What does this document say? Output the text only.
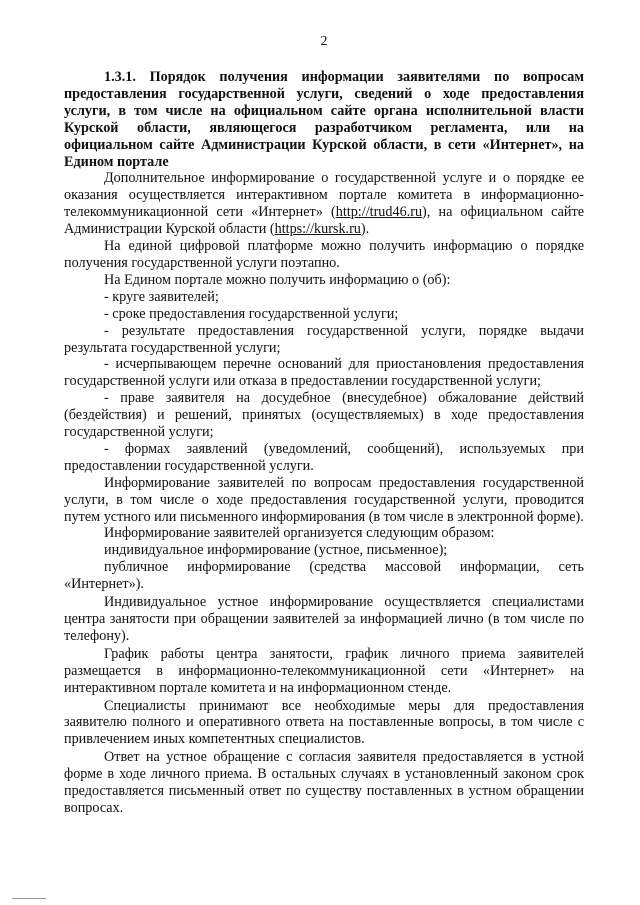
2

1.3.1. Порядок получения информации заявителями по вопросам предоставления государственной услуги, сведений о ходе предоставления услуги, в том числе на официальном сайте органа исполнительной власти Курской области, являющегося разработчиком регламента, или на официальном сайте Администрации Курской области, в сети «Интернет», на Едином портале

Дополнительное информирование о государственной услуге и о порядке ее оказания осуществляется интерактивном портале комитета в информационно-телекоммуникационной сети «Интернет» (http://trud46.ru), на официальном сайте Администрации Курской области (https://kursk.ru).

На единой цифровой платформе можно получить информацию о порядке получения государственной услуги поэтапно.

На Едином портале можно получить информацию о (об):

- круге заявителей;

- сроке предоставления государственной услуги;

- результате предоставления государственной услуги, порядке выдачи результата государственной услуги;

- исчерпывающем перечне оснований для приостановления предоставления государственной услуги или отказа в предоставлении государственной услуги;

- праве заявителя на досудебное (внесудебное) обжалование действий (бездействия) и решений, принятых (осуществляемых) в ходе предоставления государственной услуги;

- формах заявлений (уведомлений, сообщений), используемых при предоставлении государственной услуги.

Информирование заявителей по вопросам предоставления государственной услуги, в том числе о ходе предоставления государственной услуги, проводится путем устного или письменного информирования (в том числе в электронной форме).

Информирование заявителей организуется следующим образом:

индивидуальное информирование (устное, письменное);

публичное информирование (средства массовой информации, сеть «Интернет»).

Индивидуальное устное информирование осуществляется специалистами центра занятости при обращении заявителей за информацией лично (в том числе по телефону).

График работы центра занятости, график личного приема заявителей размещается в информационно-телекоммуникационной сети «Интернет» на интерактивном портале комитета и на информационном стенде.

Специалисты принимают все необходимые меры для предоставления заявителю полного и оперативного ответа на поставленные вопросы, в том числе с привлечением иных компетентных специалистов.

Ответ на устное обращение с согласия заявителя предоставляется в устной форме в ходе личного приема. В остальных случаях в установленный законом срок предоставляется письменный ответ по существу поставленных в устном обращении вопросах.
